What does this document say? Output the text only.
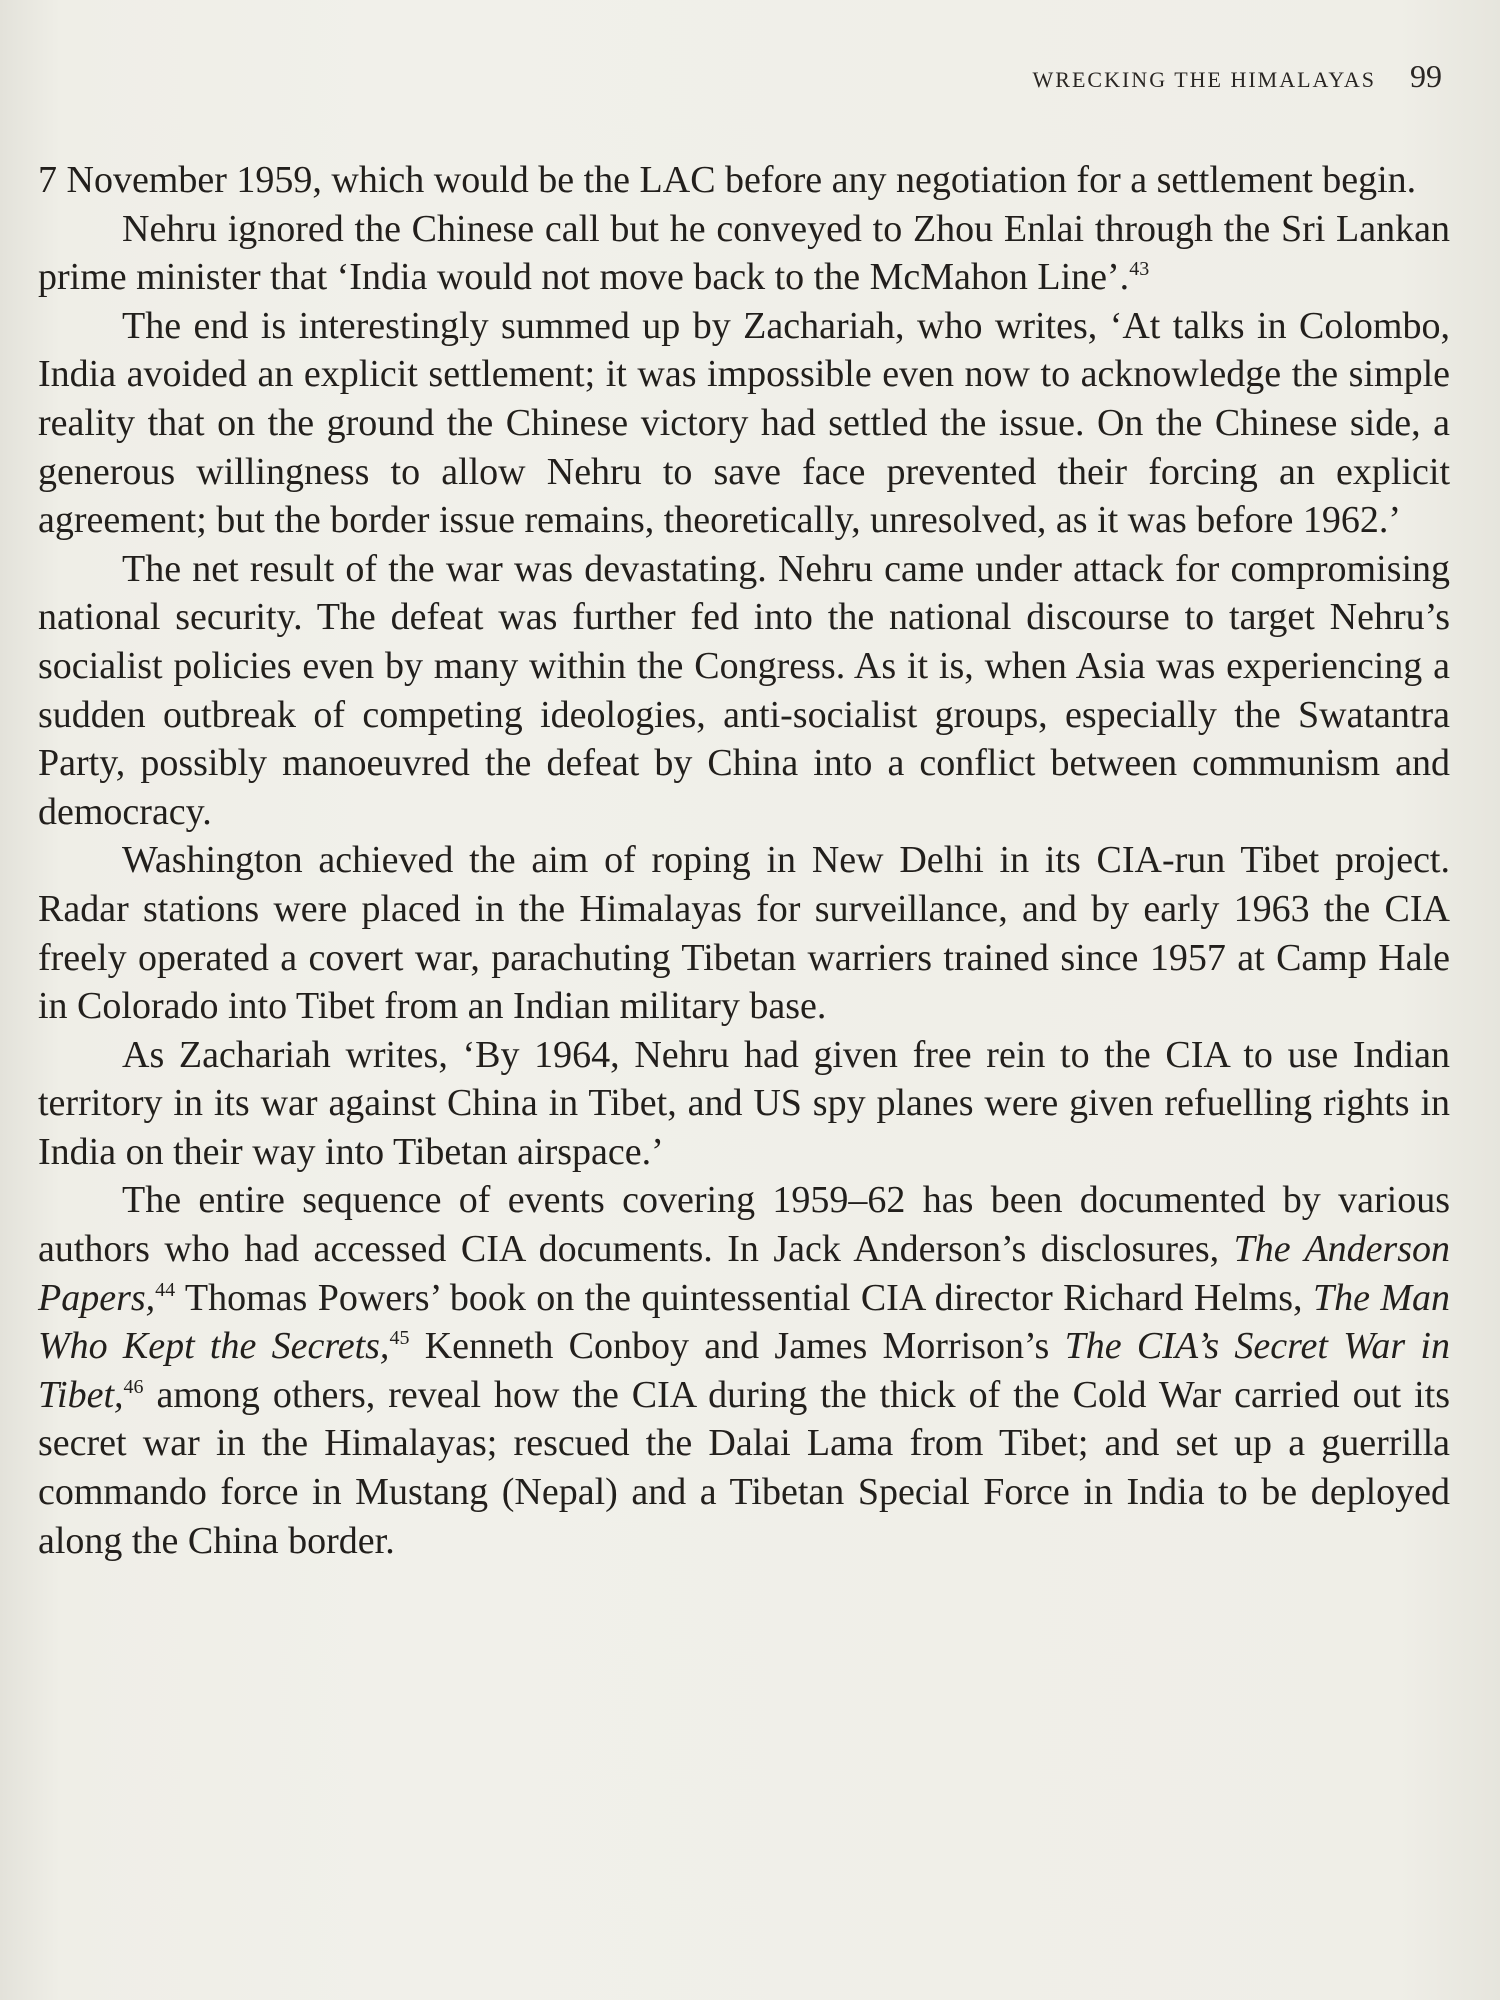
WRECKING THE HIMALAYAS 99

7 November 1959, which would be the LAC before any negotiation for a settlement begin.

Nehru ignored the Chinese call but he conveyed to Zhou Enlai through the Sri Lankan prime minister that ‘India would not move back to the McMahon Line’.$^{43}$

The end is interestingly summed up by Zachariah, who writes, ‘At talks in Colombo, India avoided an explicit settlement; it was impossible even now to acknowledge the simple reality that on the ground the Chinese victory had settled the issue. On the Chinese side, a generous willingness to allow Nehru to save face prevented their forcing an explicit agreement; but the border issue remains, theoretically, unresolved, as it was before 1962.’

The net result of the war was devastating. Nehru came under attack for compromising national security. The defeat was further fed into the national discourse to target Nehru’s socialist policies even by many within the Congress. As it is, when Asia was experiencing a sudden outbreak of competing ideologies, anti-socialist groups, especially the Swatantra Party, possibly manoeuvred the defeat by China into a conflict between communism and democracy.

Washington achieved the aim of roping in New Delhi in its CIA-run Tibet project. Radar stations were placed in the Himalayas for surveillance, and by early 1963 the CIA freely operated a covert war, parachuting Tibetan warriers trained since 1957 at Camp Hale in Colorado into Tibet from an Indian military base.

As Zachariah writes, ‘By 1964, Nehru had given free rein to the CIA to use Indian territory in its war against China in Tibet, and US spy planes were given refuelling rights in India on their way into Tibetan airspace.’

The entire sequence of events covering 1959–62 has been documented by various authors who had accessed CIA documents. In Jack Anderson’s disclosures, The Anderson Papers,$^{44}$ Thomas Powers’ book on the quintessential CIA director Richard Helms, The Man Who Kept the Secrets,$^{45}$ Kenneth Conboy and James Morrison’s The CIA’s Secret War in Tibet,$^{46}$ among others, reveal how the CIA during the thick of the Cold War carried out its secret war in the Himalayas; rescued the Dalai Lama from Tibet; and set up a guerrilla commando force in Mustang (Nepal) and a Tibetan Special Force in India to be deployed along the China border.
